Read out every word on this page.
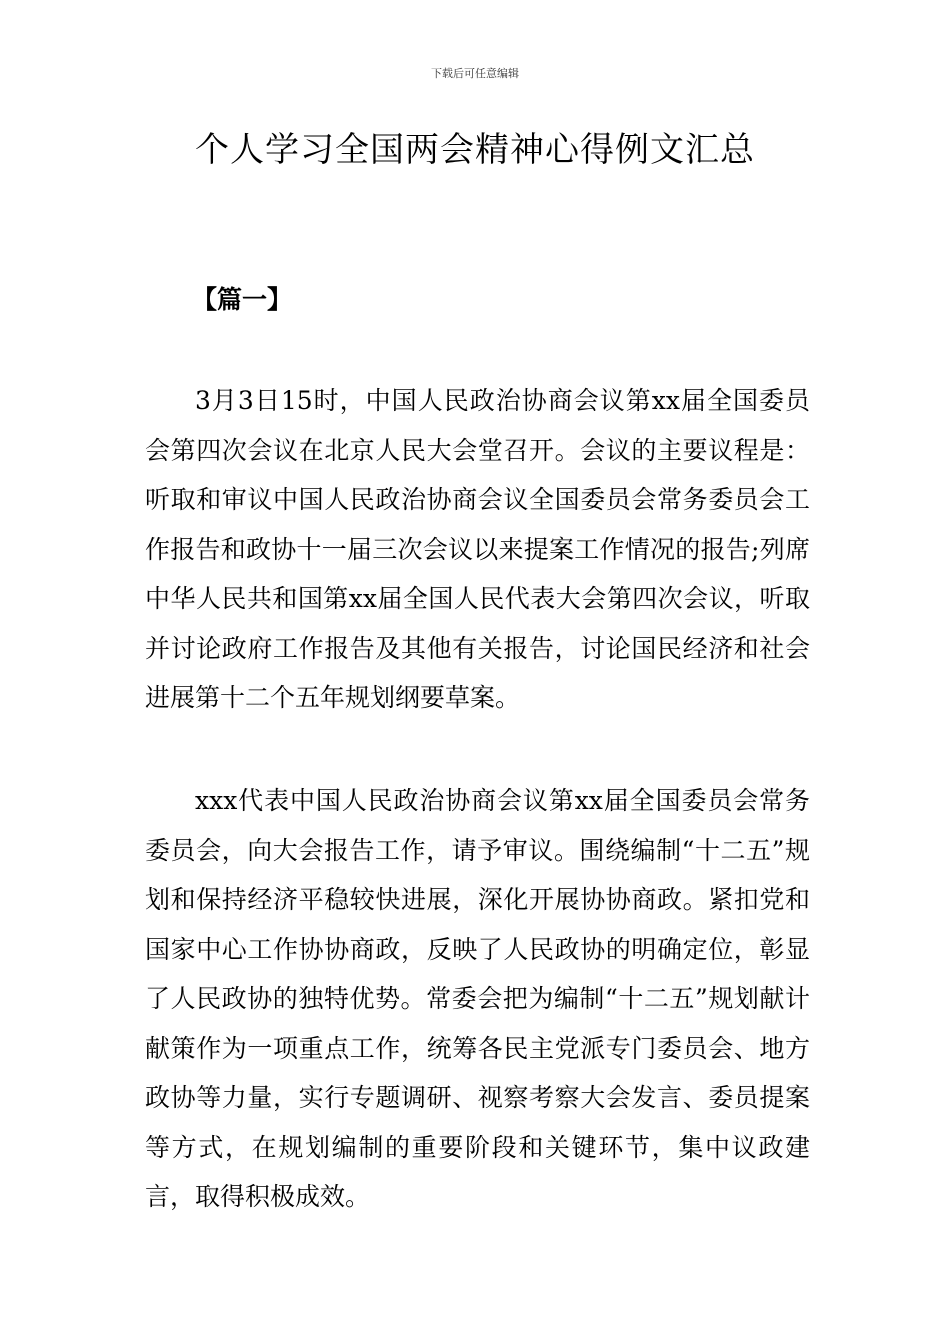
下载后可任意编辑
个人学习全国两会精神心得例文汇总
【篇一】

3月3日15时，中国人民政治协商会议第xx届全国委员会第四次会议在北京人民大会堂召开。会议的主要议程是：听取和审议中国人民政治协商会议全国委员会常务委员会工作报告和政协十一届三次会议以来提案工作情况的报告;列席中华人民共和国第xx届全国人民代表大会第四次会议，听取并讨论政府工作报告及其他有关报告，讨论国民经济和社会进展第十二个五年规划纲要草案。

xxx代表中国人民政治协商会议第xx届全国委员会常务委员会，向大会报告工作，请予审议。围绕编制“十二五”规划和保持经济平稳较快进展，深化开展协协商政。紧扣党和国家中心工作协协商政，反映了人民政协的明确定位，彰显了人民政协的独特优势。常委会把为编制“十二五”规划献计献策作为一项重点工作，统筹各民主党派专门委员会、地方政协等力量，实行专题调研、视察考察大会发言、委员提案等方式，在规划编制的重要阶段和关键环节，集中议政建言，取得积极成效。
